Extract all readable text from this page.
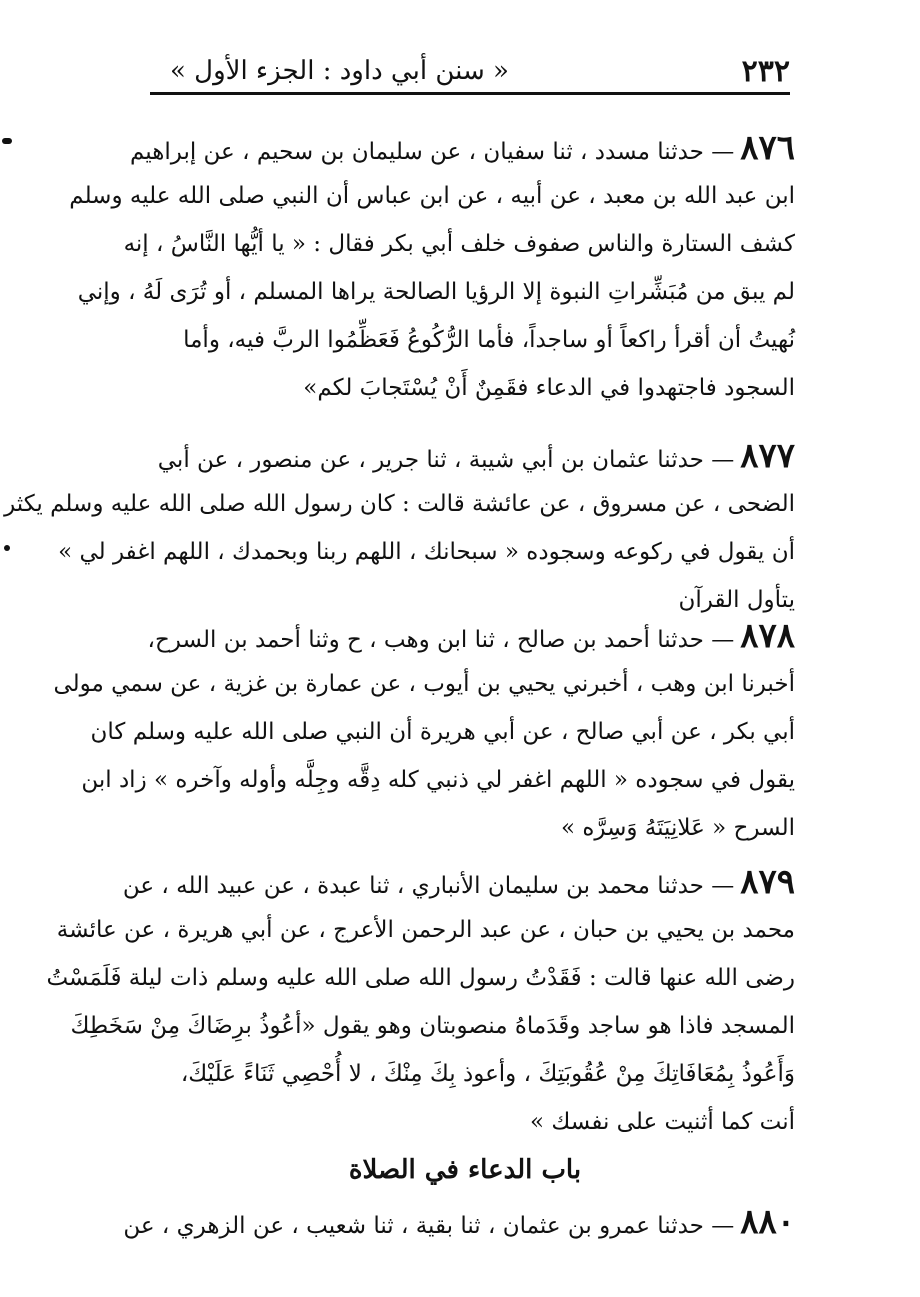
٢٣٢
« سنن أبي داود : الجزء الأول »
٨٧٦— حدثنا مسدد ، ثنا سفيان ، عن سليمان بن سحيم ، عن إبراهيم
ابن عبد الله بن معبد ، عن أبيه ، عن ابن عباس أن النبي صلى الله عليه وسلم
كشف الستارة والناس صفوف خلف أبي بكر فقال : « يا أيُّها النَّاسُ ، إنه
لم يبق من مُبَشِّراتِ النبوة إلا الرؤيا الصالحة يراها المسلم ، أو تُرَى لَهُ ، وإني
نُهيتُ أن أقرأ راكعاً أو ساجداً، فأما الرُّكُوعُ فَعَظِّمُوا الربَّ فيه، وأما
السجود فاجتهدوا في الدعاء فقَمِنٌ أَنْ يُسْتَجابَ لكم»
٨٧٧— حدثنا عثمان بن أبي شيبة ، ثنا جرير ، عن منصور ، عن أبي
الضحى ، عن مسروق ، عن عائشة قالت : كان رسول الله صلى الله عليه وسلم يكثر
أن يقول في ركوعه وسجوده « سبحانك ، اللهم ربنا وبحمدك ، اللهم اغفر لي »
يتأول القرآن
٨٧٨— حدثنا أحمد بن صالح ، ثنا ابن وهب ، ح وثنا أحمد بن السرح،
أخبرنا ابن وهب ، أخبرني يحيي بن أيوب ، عن عمارة بن غزية ، عن سمي مولى
أبي بكر ، عن أبي صالح ، عن أبي هريرة أن النبي صلى الله عليه وسلم كان
يقول في سجوده « اللهم اغفر لي ذنبي كله دِقَّه وجِلَّه وأوله وآخره » زاد ابن
السرح « عَلانِيَتَهُ وَسِرَّه »
٨٧٩— حدثنا محمد بن سليمان الأنباري ، ثنا عبدة ، عن عبيد الله ، عن
محمد بن يحيي بن حبان ، عن عبد الرحمن الأعرج ، عن أبي هريرة ، عن عائشة
رضى الله عنها قالت : فَقَدْتُ رسول الله صلى الله عليه وسلم ذات ليلة فَلَمَسْتُ
المسجد فاذا هو ساجد وقَدَماهُ منصوبتان وهو يقول «أعُوذُ برِضَاكَ مِنْ سَخَطِكَ
وَأَعُوذُ بِمُعَافَاتِكَ مِنْ عُقُوبَتِكَ ، وأعوذ بِكَ مِنْكَ ، لا أُحْصِي ثَنَاءً عَلَيْكَ،
أنت كما أثنيت على نفسك »
باب الدعاء في الصلاة
٨٨٠— حدثنا عمرو بن عثمان ، ثنا بقية ، ثنا شعيب ، عن الزهري ، عن
